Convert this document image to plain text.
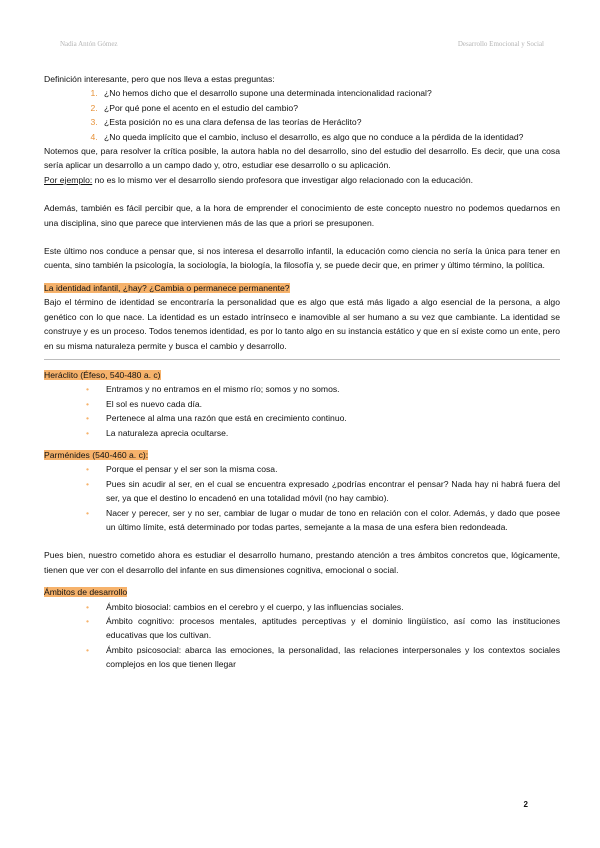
Nadia Antón Gómez	Desarrollo Emocional y Social

Definición interesante, pero que nos lleva a estas preguntas:

1. ¿No hemos dicho que el desarrollo supone una determinada intencionalidad racional?
2. ¿Por qué pone el acento en el estudio del cambio?
3. ¿Esta posición no es una clara defensa de las teorías de Heráclito?
4. ¿No queda implícito que el cambio, incluso el desarrollo, es algo que no conduce a la pérdida de la identidad?

Notemos que, para resolver la crítica posible, la autora habla no del desarrollo, sino del estudio del desarrollo. Es decir, que una cosa sería aplicar un desarrollo a un campo dado y, otro, estudiar ese desarrollo o su aplicación.
Por ejemplo: no es lo mismo ver el desarrollo siendo profesora que investigar algo relacionado con la educación.

Además, también es fácil percibir que, a la hora de emprender el conocimiento de este concepto nuestro no podemos quedarnos en una disciplina, sino que parece que intervienen más de las que a priori se presuponen.

Este último nos conduce a pensar que, si nos interesa el desarrollo infantil, la educación como ciencia no sería la única para tener en cuenta, sino también la psicología, la sociología, la biología, la filosofía y, se puede decir que, en primer y último término, la política.

La identidad infantil, ¿hay? ¿Cambia o permanece permanente?

Bajo el término de identidad se encontraría la personalidad que es algo que está más ligado a algo esencial de la persona, a algo genético con lo que nace. La identidad es un estado intrínseco e inamovible al ser humano a su vez que cambiante. La identidad se construye y es un proceso. Todos tenemos identidad, es por lo tanto algo en su instancia estático y que en sí existe como un ente, pero en su misma naturaleza permite y busca el cambio y desarrollo.

Heráclito (Éfeso, 540-480 a. c)
• Entramos y no entramos en el mismo río; somos y no somos.
• El sol es nuevo cada día.
• Pertenece al alma una razón que está en crecimiento continuo.
• La naturaleza aprecia ocultarse.
Parménides (540-460 a. c):
• Porque el pensar y el ser son la misma cosa.
• Pues sin acudir al ser, en el cual se encuentra expresado ¿podrías encontrar el pensar? Nada hay ni habrá fuera del ser, ya que el destino lo encadenó en una totalidad móvil (no hay cambio).
• Nacer y perecer, ser y no ser, cambiar de lugar o mudar de tono en relación con el color. Además, y dado que posee un último límite, está determinado por todas partes, semejante a la masa de una esfera bien redondeada.

Pues bien, nuestro cometido ahora es estudiar el desarrollo humano, prestando atención a tres ámbitos concretos que, lógicamente, tienen que ver con el desarrollo del infante en sus dimensiones cognitiva, emocional o social.

Ámbitos de desarrollo
• Ámbito biosocial: cambios en el cerebro y el cuerpo, y las influencias sociales.
• Ámbito cognitivo: procesos mentales, aptitudes perceptivas y el dominio lingüístico, así como las instituciones educativas que los cultivan.
• Ámbito psicosocial: abarca las emociones, la personalidad, las relaciones interpersonales y los contextos sociales complejos en los que tienen llegar
2
